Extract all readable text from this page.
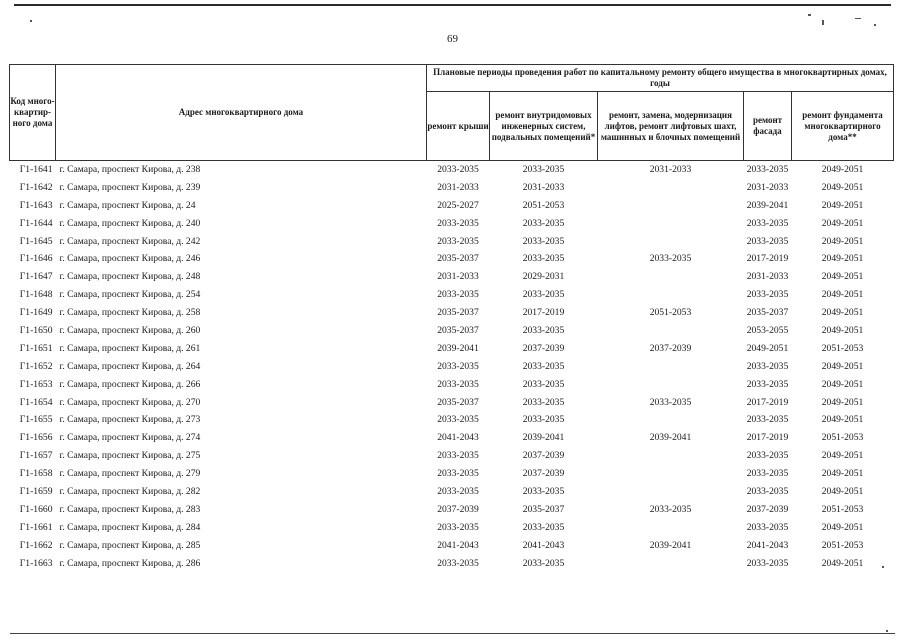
69
Код много-квартир-ного дома	Адрес многоквартирного дома	Плановые периоды проведения работ по капитальному ремонту общего имущества в многоквартирных домах, годы				
		ремонт крыши	ремонт внутридомовых инженерных систем, подвальных помещений*	ремонт, замена, модернизация лифтов, ремонт лифтовых шахт, машинных и блочных помещений	ремонт фасада	ремонт фундамента многоквартирного дома**
Г1-1641	г. Самара, проспект Кирова, д. 238	2033-2035	2033-2035	2031-2033	2033-2035	2049-2051
Г1-1642	г. Самара, проспект Кирова, д. 239	2031-2033	2031-2033		2031-2033	2049-2051
Г1-1643	г. Самара, проспект Кирова, д. 24	2025-2027	2051-2053		2039-2041	2049-2051
Г1-1644	г. Самара, проспект Кирова, д. 240	2033-2035	2033-2035		2033-2035	2049-2051
Г1-1645	г. Самара, проспект Кирова, д. 242	2033-2035	2033-2035		2033-2035	2049-2051
Г1-1646	г. Самара, проспект Кирова, д. 246	2035-2037	2033-2035	2033-2035	2017-2019	2049-2051
Г1-1647	г. Самара, проспект Кирова, д. 248	2031-2033	2029-2031		2031-2033	2049-2051
Г1-1648	г. Самара, проспект Кирова, д. 254	2033-2035	2033-2035		2033-2035	2049-2051
Г1-1649	г. Самара, проспект Кирова, д. 258	2035-2037	2017-2019	2051-2053	2035-2037	2049-2051
Г1-1650	г. Самара, проспект Кирова, д. 260	2035-2037	2033-2035		2053-2055	2049-2051
Г1-1651	г. Самара, проспект Кирова, д. 261	2039-2041	2037-2039	2037-2039	2049-2051	2051-2053
Г1-1652	г. Самара, проспект Кирова, д. 264	2033-2035	2033-2035		2033-2035	2049-2051
Г1-1653	г. Самара, проспект Кирова, д. 266	2033-2035	2033-2035		2033-2035	2049-2051
Г1-1654	г. Самара, проспект Кирова, д. 270	2035-2037	2033-2035	2033-2035	2017-2019	2049-2051
Г1-1655	г. Самара, проспект Кирова, д. 273	2033-2035	2033-2035		2033-2035	2049-2051
Г1-1656	г. Самара, проспект Кирова, д. 274	2041-2043	2039-2041	2039-2041	2017-2019	2051-2053
Г1-1657	г. Самара, проспект Кирова, д. 275	2033-2035	2037-2039		2033-2035	2049-2051
Г1-1658	г. Самара, проспект Кирова, д. 279	2033-2035	2037-2039		2033-2035	2049-2051
Г1-1659	г. Самара, проспект Кирова, д. 282	2033-2035	2033-2035		2033-2035	2049-2051
Г1-1660	г. Самара, проспект Кирова, д. 283	2037-2039	2035-2037	2033-2035	2037-2039	2051-2053
Г1-1661	г. Самара, проспект Кирова, д. 284	2033-2035	2033-2035		2033-2035	2049-2051
Г1-1662	г. Самара, проспект Кирова, д. 285	2041-2043	2041-2043	2039-2041	2041-2043	2051-2053
Г1-1663	г. Самара, проспект Кирова, д. 286	2033-2035	2033-2035		2033-2035	2049-2051
